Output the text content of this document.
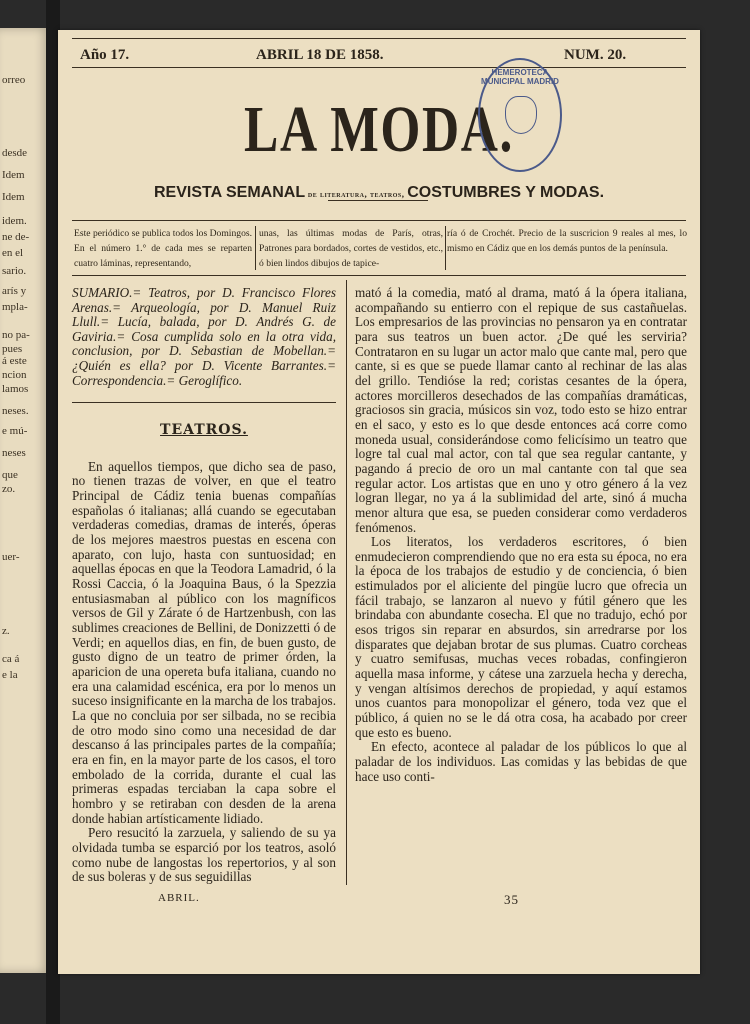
orreo
desde
Idem
Idem
idem.
ne de-
en el
sario.
arís y
mpla-
no pa-
pues
á este
ncion
lamos
neses.
e mú-
neses
que
zo.
uer-
z.
ca á
e la
Año 17.	ABRIL 18 DE 1858.	NUM. 20.
LA MODA.
REVISTA SEMANAL de literatura, teatros, COSTUMBRES Y MODAS.
HEMEROTECA MUNICIPAL MADRID
Este periódico se publica todos los Domingos. En el número 1.° de cada mes se reparten cuatro láminas, representando,
unas, las últimas modas de París, otras, Patrones para bordados, cortes de vestidos, etc., ó bien lindos dibujos de tapice-
ría ó de Crochét. Precio de la suscricion 9 reales al mes, lo mismo en Cádiz que en los demás puntos de la península.

SUMARIO.= Teatros, por D. Francisco Flores Arenas.= Arqueología, por D. Manuel Ruiz Llull.= Lucía, balada, por D. Andrés G. de Gaviria.= Cosa cumplida solo en la otra vida, conclusion, por D. Sebastian de Mobellan.= ¿Quién es ella? por D. Vicente Barrantes.= Correspondencia.= Geroglífico.

TEATROS.

En aquellos tiempos, que dicho sea de paso, no tienen trazas de volver, en que el teatro Principal de Cádiz tenia buenas compañías españolas ó italianas; allá cuando se egecutaban verdaderas comedias, dramas de interés, óperas de los mejores maestros puestas en escena con aparato, con lujo, hasta con suntuosidad; en aquellas épocas en que la Teodora Lamadrid, ó la Rossi Caccia, ó la Joaquina Baus, ó la Spezzia entusiasmaban al público con los magníficos versos de Gil y Zárate ó de Hartzenbush, con las sublimes creaciones de Bellini, de Donizzetti ó de Verdi; en aquellos dias, en fin, de buen gusto, de gusto digno de un teatro de primer órden, la aparicion de una opereta bufa italiana, cuando no era una calamidad escénica, era por lo menos un suceso insignificante en la marcha de los trabajos. La que no concluia por ser silbada, no se recibia de otro modo sino como una necesidad de dar descanso á las principales partes de la compañía; era en fin, en la mayor parte de los casos, el toro embolado de la corrida, durante el cual las primeras espadas terciaban la capa sobre el hombro y se retiraban con desden de la arena donde habian artísticamente lidiado.

Pero resucitó la zarzuela, y saliendo de su ya olvidada tumba se esparció por los teatros, asoló como nube de langostas los repertorios, y al son de sus boleras y de sus seguidillas

mató á la comedia, mató al drama, mató á la ópera italiana, acompañando su entierro con el repique de sus castañuelas. Los empresarios de las provincias no pensaron ya en contratar para sus teatros un buen actor. ¿De qué les serviria? Contrataron en su lugar un actor malo que cante mal, pero que cante, si es que se puede llamar canto al rechinar de las alas del grillo. Tendióse la red; coristas cesantes de la ópera, actores morcilleros desechados de las compañías dramáticas, graciosos sin gracia, músicos sin voz, todo esto se hizo entrar en el saco, y esto es lo que desde entonces acá corre como moneda usual, considerándose como felicísimo un teatro que logre tal cual mal actor, con tal que sea regular cantante, y pagando á precio de oro un mal cantante con tal que sea regular actor. Los artistas que en uno y otro género á la vez logran llegar, no ya á la sublimidad del arte, sinó á mucha menor altura que esa, se pueden considerar como verdaderos fenómenos.

Los literatos, los verdaderos escritores, ó bien enmudecieron comprendiendo que no era esta su época, no era la época de los trabajos de estudio y de conciencia, ó bien estimulados por el aliciente del pingüe lucro que ofrecia un fácil trabajo, se lanzaron al nuevo y fútil género que les brindaba con abundante cosecha. El que no tradujo, echó por esos trigos sin reparar en absurdos, sin arredrarse por los disparates que dejaban brotar de sus plumas. Cuatro corcheas y cuatro semifusas, muchas veces robadas, confingieron aquella masa informe, y cátese una zarzuela hecha y derecha, y vengan altísimos derechos de propiedad, y aquí estamos unos cuantos para monopolizar el género, toda vez que el público, á quien no se le dá otra cosa, ha acabado por creer que esto es bueno.

En efecto, acontece al paladar de los públicos lo que al paladar de los individuos. Las comidas y las bebidas de que hace uso conti-

ABRIL.	35
